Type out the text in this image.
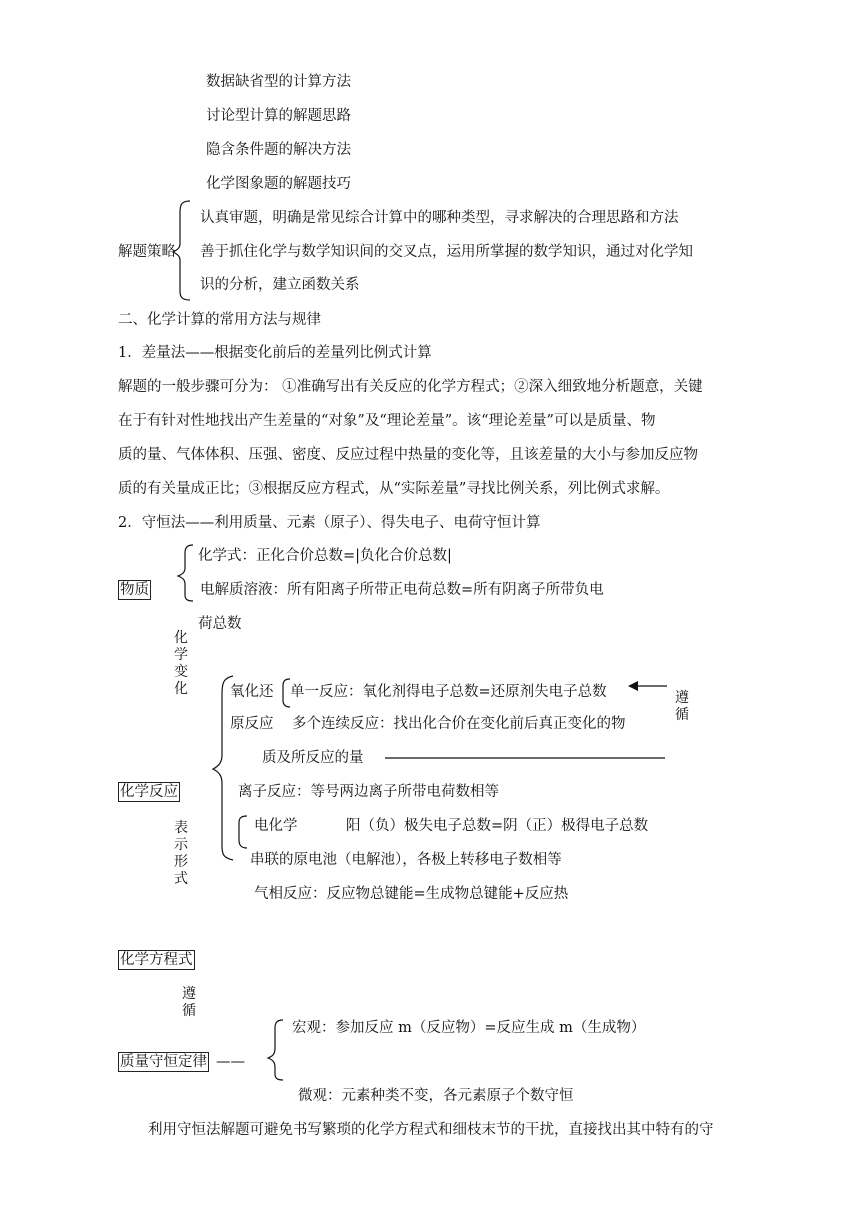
数据缺省型的计算方法
讨论型计算的解题思路
隐含条件题的解决方法
化学图象题的解题技巧
解题策略
认真审题，明确是常见综合计算中的哪种类型，寻求解决的合理思路和方法
善于抓住化学与数学知识间的交叉点，运用所掌握的数学知识，通过对化学知
识的分析，建立函数关系
二、化学计算的常用方法与规律
1．差量法——根据变化前后的差量列比例式计算
解题的一般步骤可分为： ①准确写出有关反应的化学方程式；②深入细致地分析题意，关键
在于有针对性地找出产生差量的“对象”及“理论差量”。该“理论差量”可以是质量、物
质的量、气体体积、压强、密度、反应过程中热量的变化等，且该差量的大小与参加反应物
质的有关量成正比；③根据反应方程式，从“实际差量”寻找比例关系，列比例式求解。
2．守恒法——利用质量、元素（原子）、得失电子、电荷守恒计算
化学式：正化合价总数=|负化合价总数|
物质	电解质溶液：所有阳离子所带正电荷总数=所有阴离子所带负电
荷总数
化学变化	氧化还 单一反应：氧化剂得电子总数=还原剂失电子总数	遵循
原反应 多个连续反应：找出化合价在变化前后真正变化的物
质及所反应的量
化学反应	离子反应：等号两边离子所带电荷数相等
表示形式
电化学	阳（负）极失电子总数=阴（正）极得电子总数
串联的原电池（电解池），各极上转移电子数相等
气相反应：反应物总键能=生成物总键能+反应热
化学方程式
遵循
宏观：参加反应 m（反应物）=反应生成 m（生成物）
质量守恒定律 ——
微观：元素种类不变，各元素原子个数守恒
利用守恒法解题可避免书写繁琐的化学方程式和细枝末节的干扰，直接找出其中特有的守
